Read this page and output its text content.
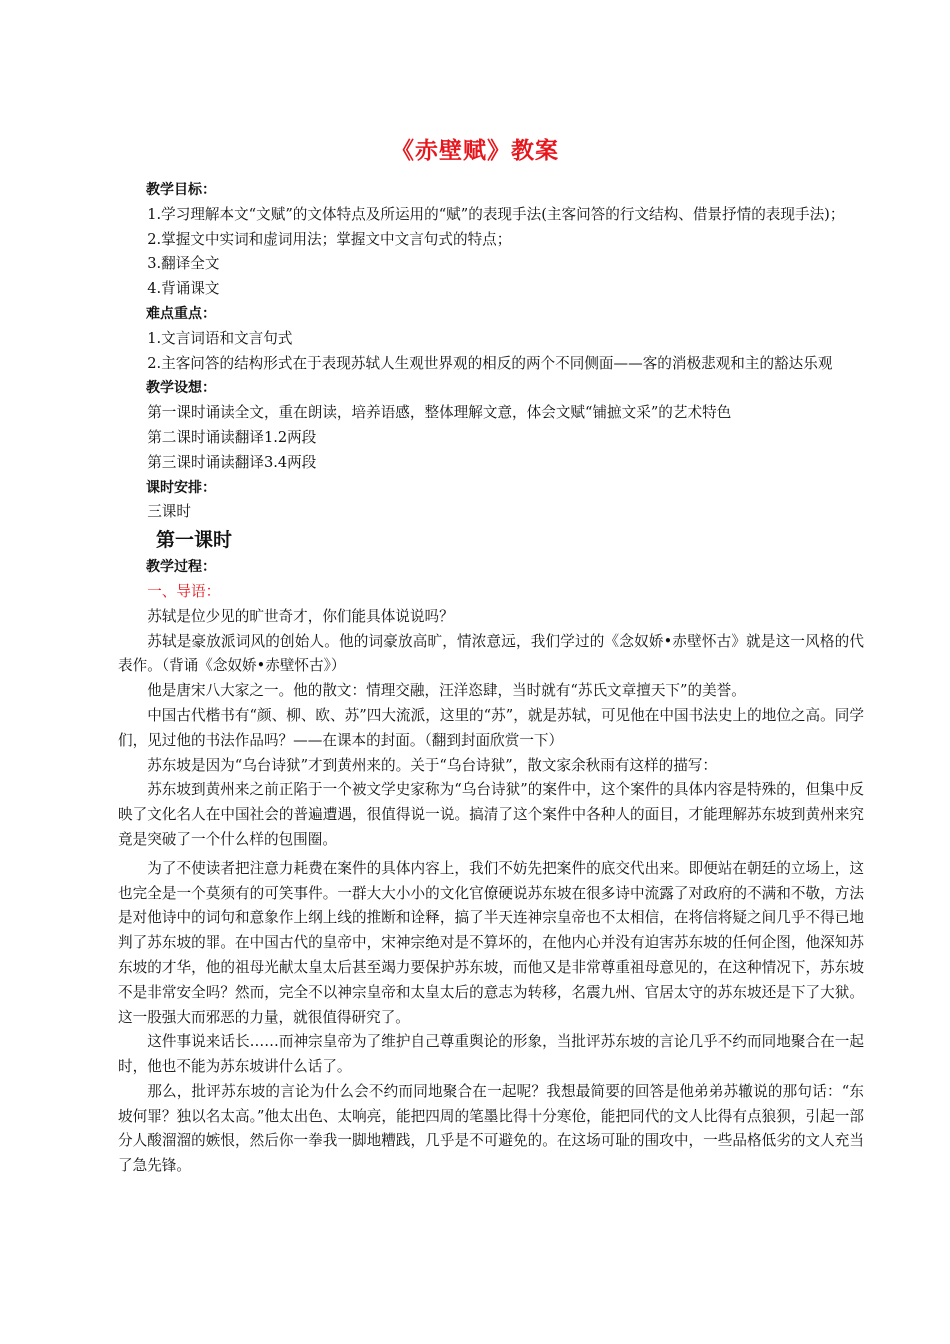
《赤壁赋》教案

教学目标：

1.学习理解本文“文赋”的文体特点及所运用的“赋”的表现手法(主客问答的行文结构、借景抒情的表现手法)；

2.掌握文中实词和虚词用法；掌握文中文言句式的特点；

3.翻译全文

4.背诵课文

难点重点：

1.文言词语和文言句式

2.主客问答的结构形式在于表现苏轼人生观世界观的相反的两个不同侧面——客的消极悲观和主的豁达乐观

教学设想：

第一课时诵读全文，重在朗读，培养语感，整体理解文意，体会文赋“铺摭文采”的艺术特色

第二课时诵读翻译1.2两段

第三课时诵读翻译3.4两段

课时安排：

三课时

第一课时

教学过程：

一、导语：

苏轼是位少见的旷世奇才，你们能具体说说吗？

苏轼是豪放派词风的创始人。他的词豪放高旷，情浓意远，我们学过的《念奴娇•赤壁怀古》就是这一风格的代表作。（背诵《念奴娇•赤壁怀古》）

他是唐宋八大家之一。他的散文：情理交融，汪洋恣肆，当时就有“苏氏文章擅天下”的美誉。

中国古代楷书有“颜、柳、欧、苏”四大流派，这里的“苏”，就是苏轼，可见他在中国书法史上的地位之高。同学们，见过他的书法作品吗？——在课本的封面。（翻到封面欣赏一下）

苏东坡是因为“乌台诗狱”才到黄州来的。关于“乌台诗狱”，散文家余秋雨有这样的描写：

苏东坡到黄州来之前正陷于一个被文学史家称为“乌台诗狱”的案件中，这个案件的具体内容是特殊的，但集中反映了文化名人在中国社会的普遍遭遇，很值得说一说。搞清了这个案件中各种人的面目，才能理解苏东坡到黄州来究竟是突破了一个什么样的包围圈。

为了不使读者把注意力耗费在案件的具体内容上，我们不妨先把案件的底交代出来。即便站在朝廷的立场上，这也完全是一个莫须有的可笑事件。一群大大小小的文化官僚硬说苏东坡在很多诗中流露了对政府的不满和不敬，方法是对他诗中的词句和意象作上纲上线的推断和诠释，搞了半天连神宗皇帝也不太相信，在将信将疑之间几乎不得已地判了苏东坡的罪。在中国古代的皇帝中，宋神宗绝对是不算坏的，在他内心并没有迫害苏东坡的任何企图，他深知苏东坡的才华，他的祖母光献太皇太后甚至竭力要保护苏东坡，而他又是非常尊重祖母意见的，在这种情况下，苏东坡不是非常安全吗？然而，完全不以神宗皇帝和太皇太后的意志为转移，名震九州、官居太守的苏东坡还是下了大狱。这一股强大而邪恶的力量，就很值得研究了。

这件事说来话长……而神宗皇帝为了维护自己尊重舆论的形象，当批评苏东坡的言论几乎不约而同地聚合在一起时，他也不能为苏东坡讲什么话了。

那么，批评苏东坡的言论为什么会不约而同地聚合在一起呢？我想最简要的回答是他弟弟苏辙说的那句话：“东坡何罪？独以名太高。”他太出色、太响亮，能把四周的笔墨比得十分寒伧，能把同代的文人比得有点狼狈，引起一部分人酸溜溜的嫉恨，然后你一拳我一脚地糟践，几乎是不可避免的。在这场可耻的围攻中，一些品格低劣的文人充当了急先锋。
